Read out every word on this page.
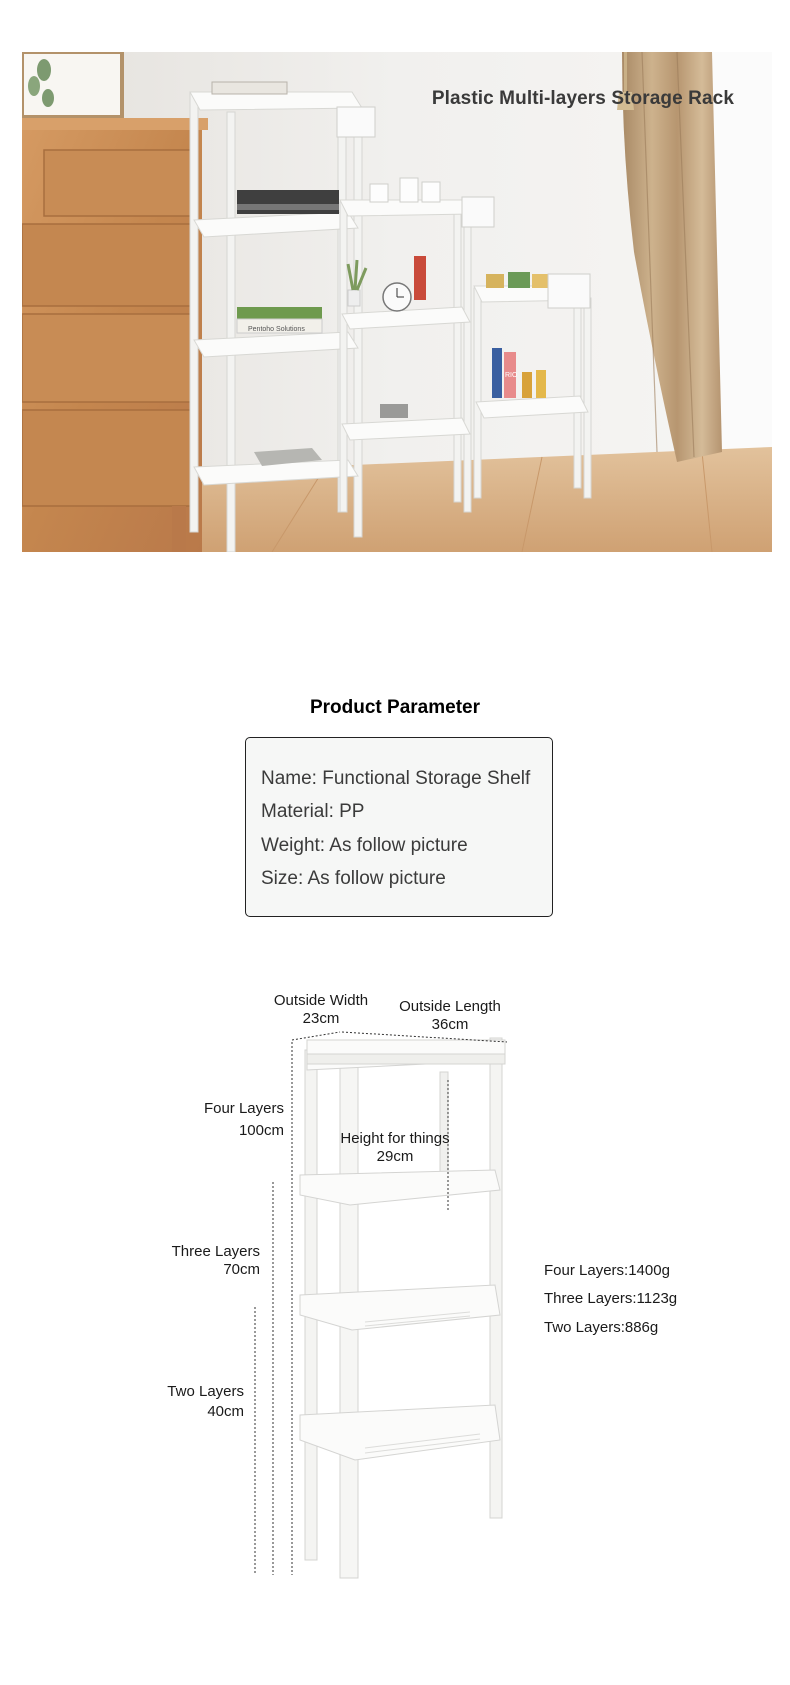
Pentoho Solutions
RIO
Plastic Multi-layers Storage Rack
Product Parameter
Name: Functional Storage Shelf
Material: PP
Weight: As follow picture
Size: As follow picture
Outside Width
23cm
Outside Length
36cm
Four Layers
100cm	Height for things
29cm
Three Layers
70cm
Two Layers
40cm
Four Layers:1400g
Three Layers:1123g
Two Layers:886g
